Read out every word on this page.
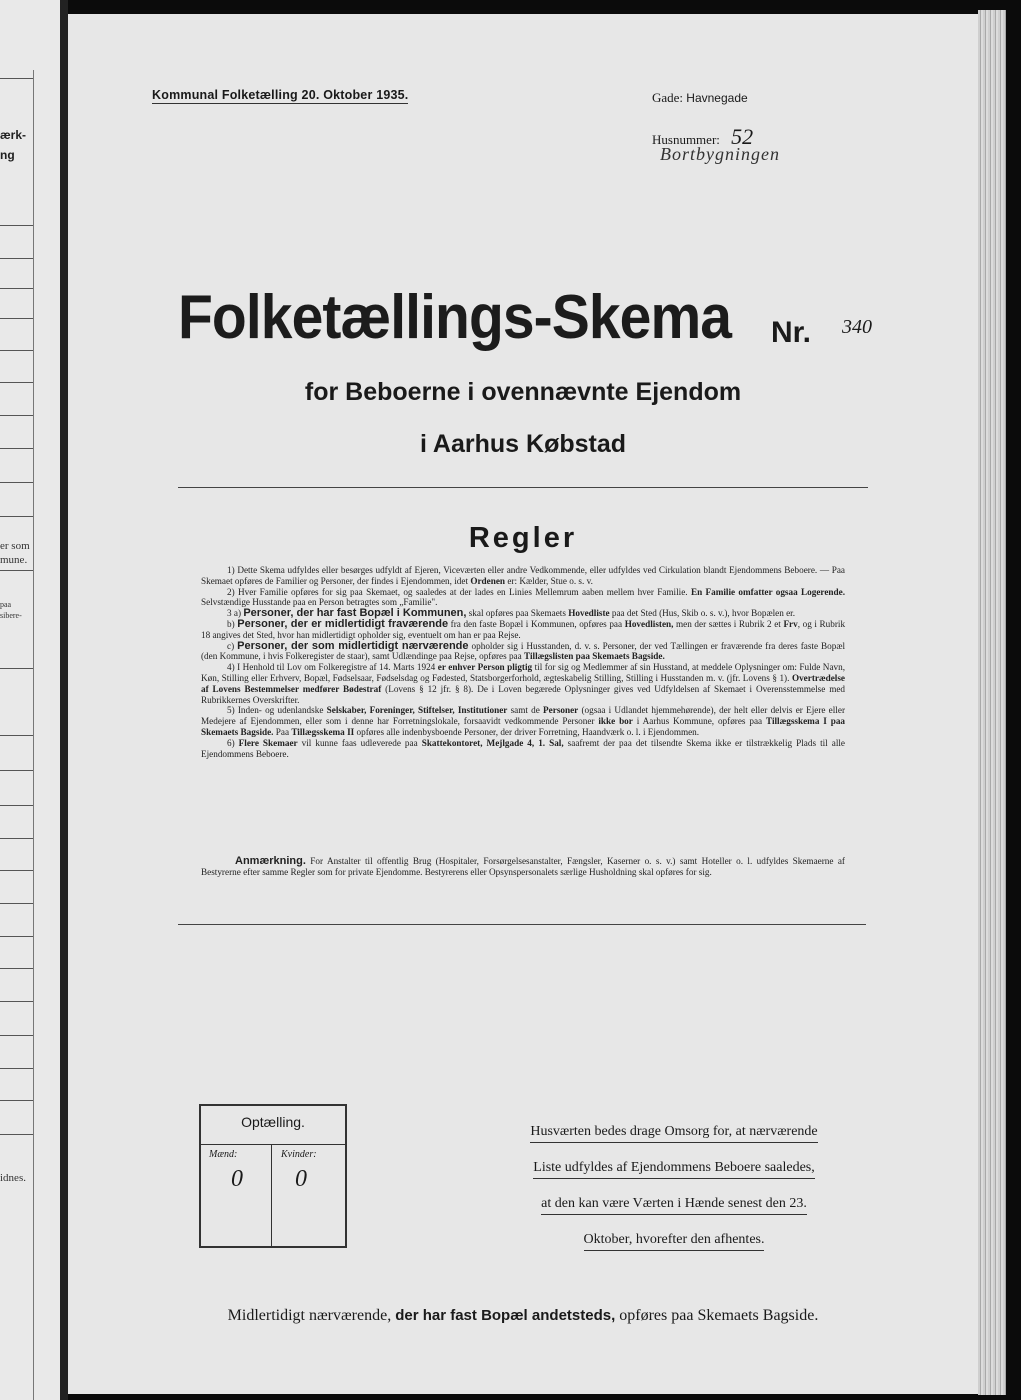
ærk-
ng
er som
mune.
paa
sibere-
idnes.
Kommunal Folketælling 20. Oktober 1935.	Gade: Havnegade
Husnummer: 52
Bortbygningen
Folketællings-Skema Nr. 340
for Beboerne i ovennævnte Ejendom
i Aarhus Købstad
Regler

1) Dette Skema udfyldes eller besørges udfyldt af Ejeren, Viceværten eller andre Vedkommende, eller udfyldes ved Cirkulation blandt Ejendommens Beboere. — Paa Skemaet opføres de Familier og Personer, der findes i Ejendommen, idet Ordenen er: Kælder, Stue o. s. v.

2) Hver Familie opføres for sig paa Skemaet, og saaledes at der lades en Linies Mellemrum aaben mellem hver Familie. En Familie omfatter ogsaa Logerende. Selvstændige Husstande paa en Person betragtes som „Familie".

3 a) Personer, der har fast Bopæl i Kommunen, skal opføres paa Skemaets Hovedliste paa det Sted (Hus, Skib o. s. v.), hvor Bopælen er.

b) Personer, der er midlertidigt fraværende fra den faste Bopæl i Kommunen, opføres paa Hovedlisten, men der sættes i Rubrik 2 et Frv, og i Rubrik 18 angives det Sted, hvor han midlertidigt opholder sig, eventuelt om han er paa Rejse.

c) Personer, der som midlertidigt nærværende opholder sig i Husstanden, d. v. s. Personer, der ved Tællingen er fraværende fra deres faste Bopæl (den Kommune, i hvis Folkeregister de staar), samt Udlændinge paa Rejse, opføres paa Tillægslisten paa Skemaets Bagside.

4) I Henhold til Lov om Folkeregistre af 14. Marts 1924 er enhver Person pligtig til for sig og Medlemmer af sin Husstand, at meddele Oplysninger om: Fulde Navn, Køn, Stilling eller Erhverv, Bopæl, Fødselsaar, Fødselsdag og Fødested, Statsborgerforhold, ægteskabelig Stilling, Stilling i Husstanden m. v. (jfr. Lovens § 1). Overtrædelse af Lovens Bestemmelser medfører Bødestraf (Lovens § 12 jfr. § 8). De i Loven begærede Oplysninger gives ved Udfyldelsen af Skemaet i Overensstemmelse med Rubrikkernes Overskrifter.

5) Inden- og udenlandske Selskaber, Foreninger, Stiftelser, Institutioner samt de Personer (ogsaa i Udlandet hjemmehørende), der helt eller delvis er Ejere eller Medejere af Ejendommen, eller som i denne har Forretningslokale, forsaavidt vedkommende Personer ikke bor i Aarhus Kommune, opføres paa Tillægsskema I paa Skemaets Bagside. Paa Tillægsskema II opføres alle indenbysboende Personer, der driver Forretning, Haandværk o. l. i Ejendommen.

6) Flere Skemaer vil kunne faas udleverede paa Skattekontoret, Mejlgade 4, 1. Sal, saafremt der paa det tilsendte Skema ikke er tilstrækkelig Plads til alle Ejendommens Beboere.

Anmærkning. For Anstalter til offentlig Brug (Hospitaler, Forsørgelsesanstalter, Fængsler, Kaserner o. s. v.) samt Hoteller o. l. udfyldes Skemaerne af Bestyrerne efter samme Regler som for private Ejendomme. Bestyrerens eller Opsynspersonalets særlige Husholdning skal opføres for sig.
Optælling.
Mænd:	Kvinder:
0 0
Husværten bedes drage Omsorg for, at nærværende
Liste udfyldes af Ejendommens Beboere saaledes,
at den kan være Værten i Hænde senest den 23.
Oktober, hvorefter den afhentes.
Midlertidigt nærværende, der har fast Bopæl andetsteds, opføres paa Skemaets Bagside.
